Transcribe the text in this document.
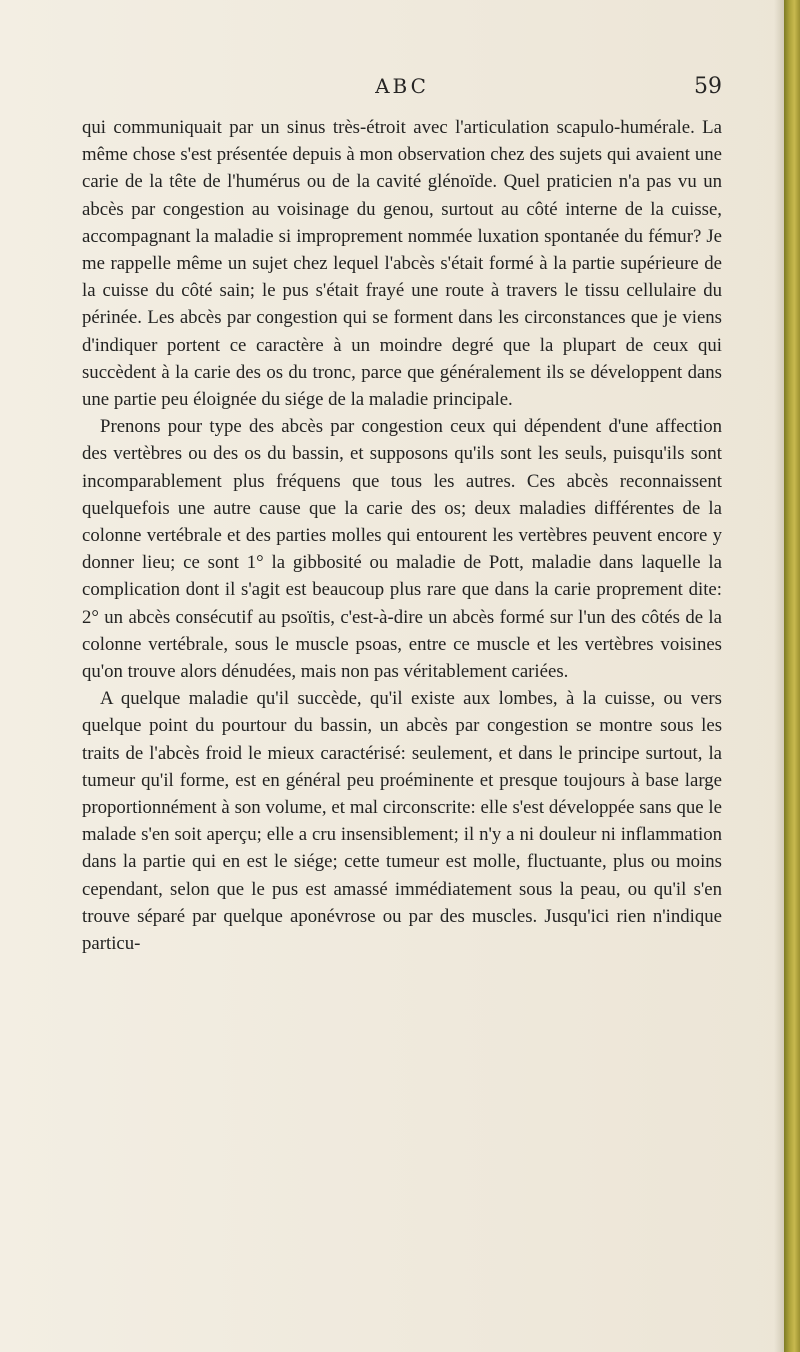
ABC	59

qui communiquait par un sinus très-étroit avec l'articulation scapulo-humérale. La même chose s'est présentée depuis à mon observation chez des sujets qui avaient une carie de la tête de l'humérus ou de la cavité glénoïde. Quel praticien n'a pas vu un abcès par congestion au voisinage du genou, surtout au côté interne de la cuisse, accompagnant la maladie si improprement nommée luxation spontanée du fémur? Je me rappelle même un sujet chez lequel l'abcès s'était formé à la partie supérieure de la cuisse du côté sain; le pus s'était frayé une route à travers le tissu cellulaire du périnée. Les abcès par congestion qui se forment dans les circonstances que je viens d'indiquer portent ce caractère à un moindre degré que la plupart de ceux qui succèdent à la carie des os du tronc, parce que généralement ils se développent dans une partie peu éloignée du siége de la maladie principale.

Prenons pour type des abcès par congestion ceux qui dépendent d'une affection des vertèbres ou des os du bassin, et supposons qu'ils sont les seuls, puisqu'ils sont incomparablement plus fréquens que tous les autres. Ces abcès reconnaissent quelquefois une autre cause que la carie des os; deux maladies différentes de la colonne vertébrale et des parties molles qui entourent les vertèbres peuvent encore y donner lieu; ce sont 1° la gibbosité ou maladie de Pott, maladie dans laquelle la complication dont il s'agit est beaucoup plus rare que dans la carie proprement dite: 2° un abcès consécutif au psoïtis, c'est-à-dire un abcès formé sur l'un des côtés de la colonne vertébrale, sous le muscle psoas, entre ce muscle et les vertèbres voisines qu'on trouve alors dénudées, mais non pas véritablement cariées.

A quelque maladie qu'il succède, qu'il existe aux lombes, à la cuisse, ou vers quelque point du pourtour du bassin, un abcès par congestion se montre sous les traits de l'abcès froid le mieux caractérisé: seulement, et dans le principe surtout, la tumeur qu'il forme, est en général peu proéminente et presque toujours à base large proportionnément à son volume, et mal circonscrite: elle s'est développée sans que le malade s'en soit aperçu; elle a cru insensiblement; il n'y a ni douleur ni inflammation dans la partie qui en est le siége; cette tumeur est molle, fluctuante, plus ou moins cependant, selon que le pus est amassé immédiatement sous la peau, ou qu'il s'en trouve séparé par quelque aponévrose ou par des muscles. Jusqu'ici rien n'indique particu-
